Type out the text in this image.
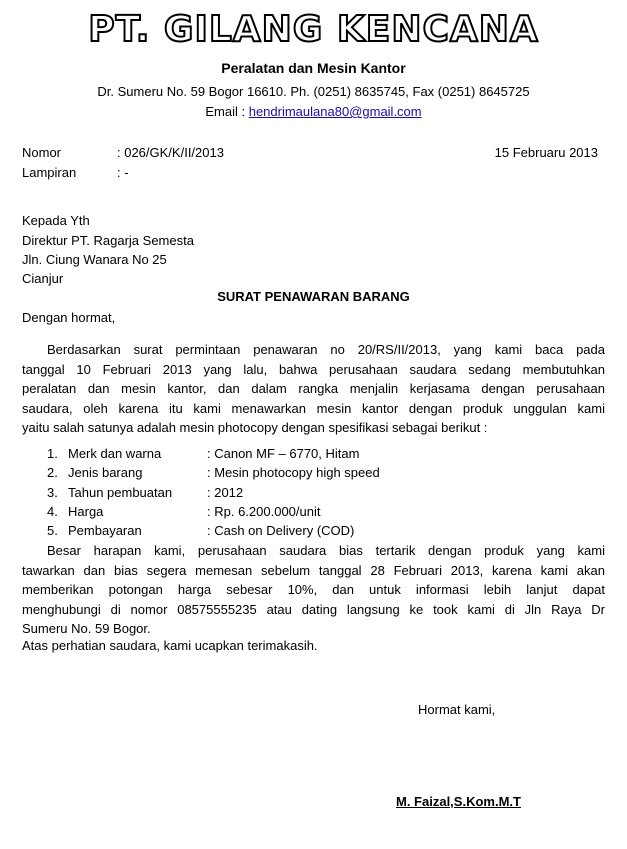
PT. GILANG KENCANA
Peralatan dan Mesin Kantor
Dr. Sumeru No. 59 Bogor 16610. Ph. (0251) 8635745, Fax (0251) 8645725
Email : hendrimaulana80@gmail.com
Nomor	: 026/GK/K/II/2013	15 Februaru 2013
Lampiran	: -
Kepada Yth
Direktur PT. Ragarja Semesta
Jln. Ciung Wanara No 25
Cianjur
SURAT PENAWARAN BARANG
Dengan hormat,
Berdasarkan surat permintaan penawaran no 20/RS/II/2013, yang kami baca pada
tanggal 10 Februari 2013 yang lalu, bahwa perusahaan saudara sedang membutuhkan
peralatan dan mesin kantor, dan dalam rangka menjalin kerjasama dengan perusahaan
saudara, oleh karena itu kami menawarkan mesin kantor dengan produk unggulan kami
yaitu salah satunya adalah mesin photocopy dengan spesifikasi sebagai berikut :
1. Merk dan warna	: Canon MF – 6770, Hitam
2. Jenis barang	: Mesin photocopy high speed
3. Tahun pembuatan	: 2012
4. Harga	: Rp. 6.200.000/unit
5. Pembayaran	: Cash on Delivery (COD)
Besar harapan kami, perusahaan saudara bias tertarik dengan produk yang kami
tawarkan dan bias segera memesan sebelum tanggal 28 Februari 2013, karena kami akan
memberikan potongan harga sebesar 10%, dan untuk informasi lebih lanjut dapat
menghubungi di nomor 08575555235 atau dating langsung ke took kami di Jln Raya Dr
Sumeru No. 59 Bogor.
Atas perhatian saudara, kami ucapkan terimakasih.
Hormat kami,
M. Faizal,S.Kom.M.T
